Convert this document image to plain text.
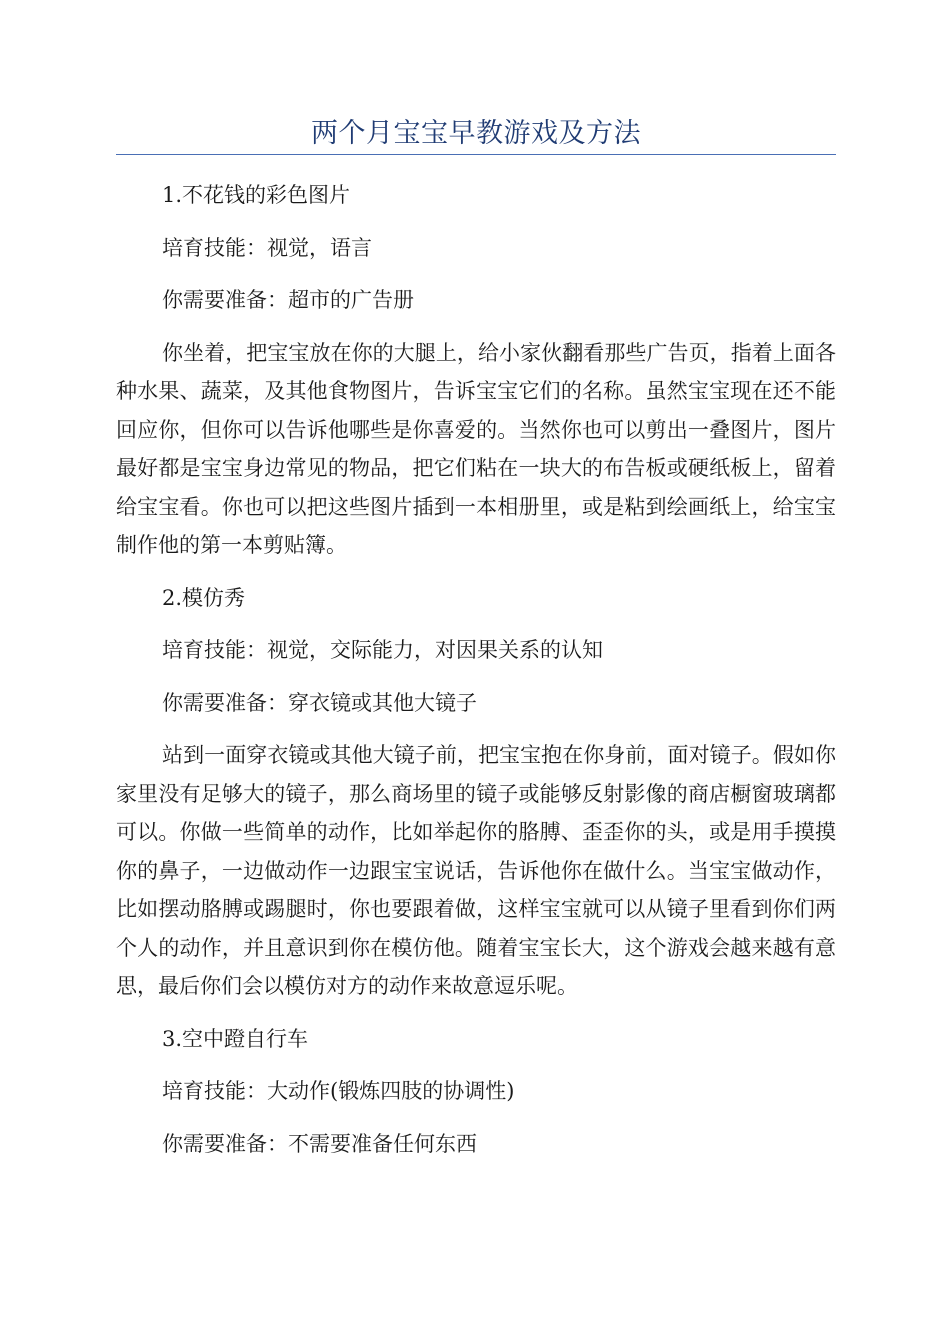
两个月宝宝早教游戏及方法

1.不花钱的彩色图片

培育技能：视觉，语言

你需要准备：超市的广告册

你坐着，把宝宝放在你的大腿上，给小家伙翻看那些广告页，指着上面各种水果、蔬菜，及其他食物图片，告诉宝宝它们的名称。虽然宝宝现在还不能回应你，但你可以告诉他哪些是你喜爱的。当然你也可以剪出一叠图片，图片最好都是宝宝身边常见的物品，把它们粘在一块大的布告板或硬纸板上，留着给宝宝看。你也可以把这些图片插到一本相册里，或是粘到绘画纸上，给宝宝制作他的第一本剪贴簿。

2.模仿秀

培育技能：视觉，交际能力，对因果关系的认知

你需要准备：穿衣镜或其他大镜子

站到一面穿衣镜或其他大镜子前，把宝宝抱在你身前，面对镜子。假如你家里没有足够大的镜子，那么商场里的镜子或能够反射影像的商店橱窗玻璃都可以。你做一些简单的动作，比如举起你的胳膊、歪歪你的头，或是用手摸摸你的鼻子，一边做动作一边跟宝宝说话，告诉他你在做什么。当宝宝做动作，比如摆动胳膊或踢腿时，你也要跟着做，这样宝宝就可以从镜子里看到你们两个人的动作，并且意识到你在模仿他。随着宝宝长大，这个游戏会越来越有意思，最后你们会以模仿对方的动作来故意逗乐呢。

3.空中蹬自行车

培育技能：大动作(锻炼四肢的协调性)

你需要准备：不需要准备任何东西
